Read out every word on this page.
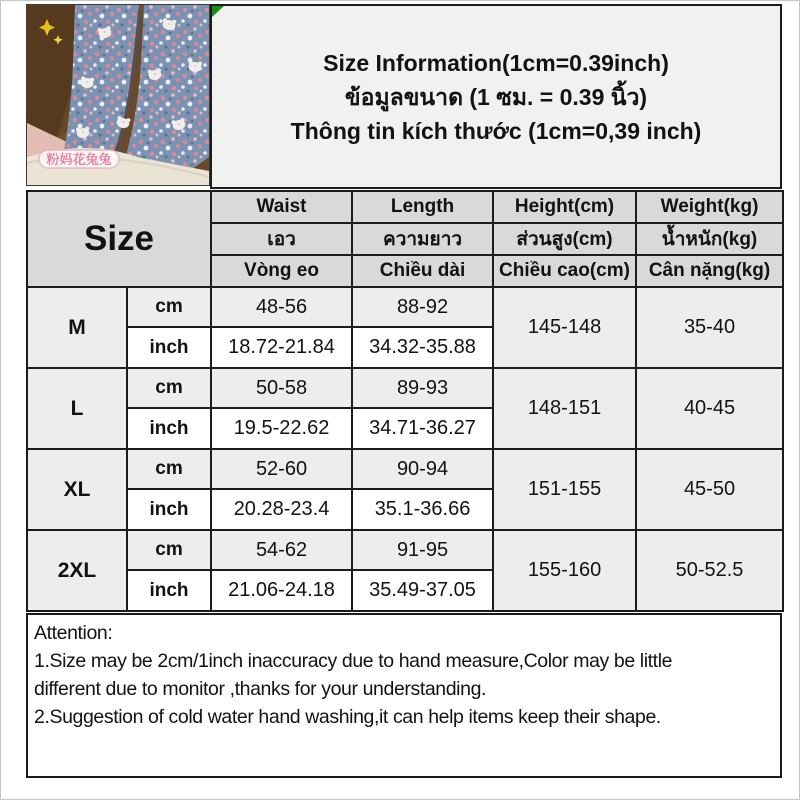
粉妈花兔兔
Size Information(1cm=0.39inch)
ข้อมูลขนาด (1 ซม. = 0.39 นิ้ว)
Thông tin kích thước (1cm=0,39 inch)
Size		Waist	Length	Height(cm)	Weight(kg)
		เอว	ความยาว	ส่วนสูง(cm)	น้ำหนัก(kg)
		Vòng eo	Chiều dài	Chiều cao(cm)	Cân nặng(kg)
M	cm	48-56	88-92	145-148	35-40
	inch	18.72-21.84	34.32-35.88		
L	cm	50-58	89-93	148-151	40-45
	inch	19.5-22.62	34.71-36.27		
XL	cm	52-60	90-94	151-155	45-50
	inch	20.28-23.4	35.1-36.66		
2XL	cm	54-62	91-95	155-160	50-52.5
	inch	21.06-24.18	35.49-37.05		
Attention:
1.Size may be 2cm/1inch inaccuracy due to hand measure,Color may be little
different due to monitor ,thanks for your understanding.
2.Suggestion of cold water hand washing,it can help items keep their shape.
